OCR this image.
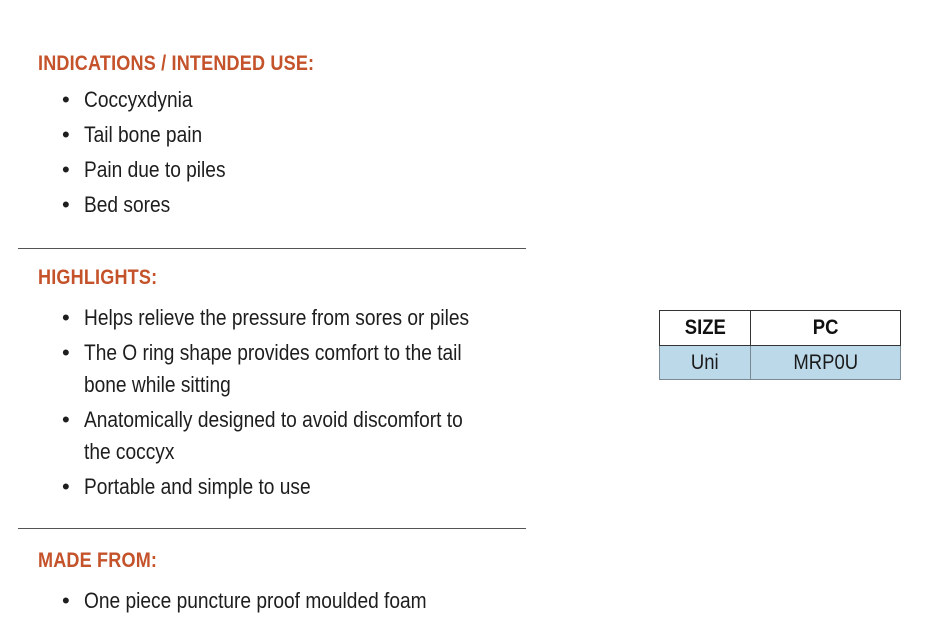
INDICATIONS / INTENDED USE:
• Coccyxdynia
• Tail bone pain
• Pain due to piles
• Bed sores
HIGHLIGHTS:
• Helps relieve the pressure from sores or piles
• The O ring shape provides comfort to the tail
bone while sitting
• Anatomically designed to avoid discomfort to
the coccyx
• Portable and simple to use
MADE FROM:
• One piece puncture proof moulded foam
SIZE	PC
Uni	MRP0U
